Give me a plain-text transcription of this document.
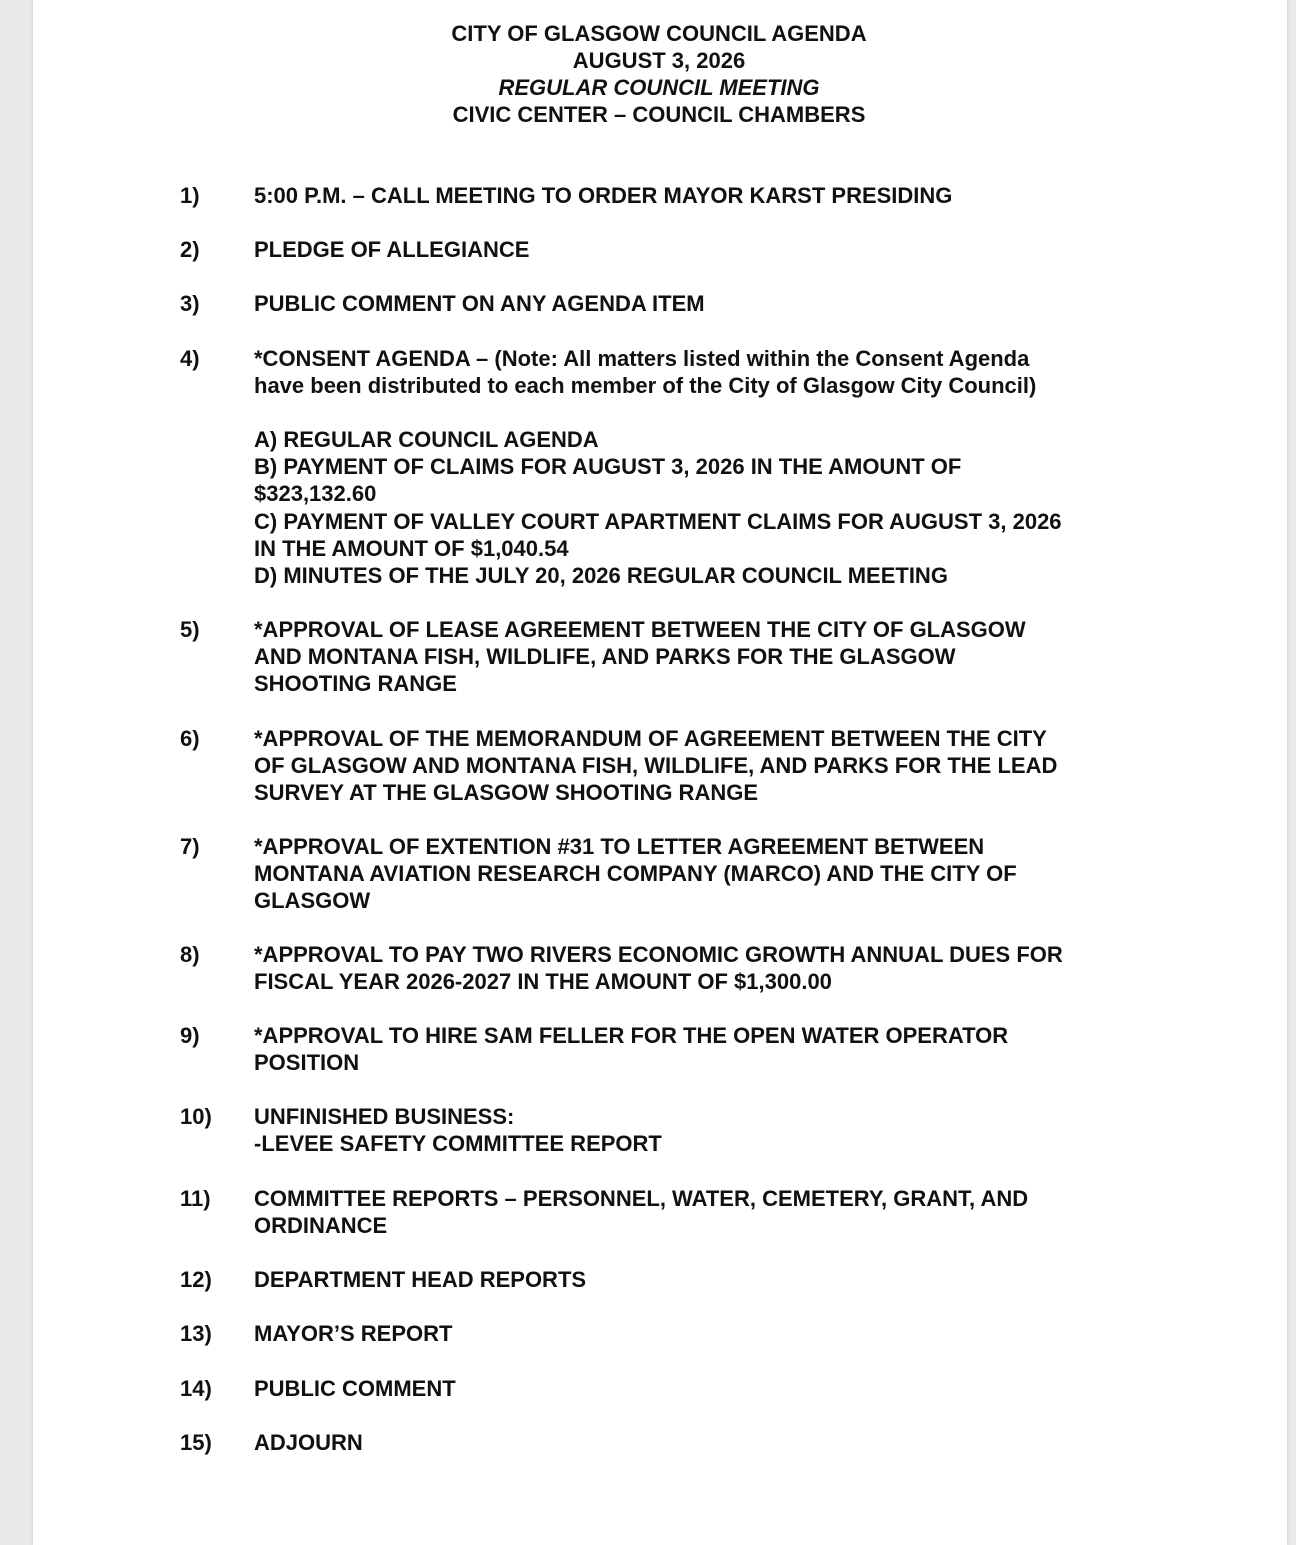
CITY OF GLASGOW COUNCIL AGENDA
AUGUST 3, 2026
REGULAR COUNCIL MEETING
CIVIC CENTER – COUNCIL CHAMBERS
1) 5:00 P.M. – CALL MEETING TO ORDER MAYOR KARST PRESIDING
2) PLEDGE OF ALLEGIANCE
3) PUBLIC COMMENT ON ANY AGENDA ITEM
4) *CONSENT AGENDA – (Note: All matters listed within the Consent Agenda
have been distributed to each member of the City of Glasgow City Council)
A) REGULAR COUNCIL AGENDA
B) PAYMENT OF CLAIMS FOR AUGUST 3, 2026 IN THE AMOUNT OF
$323,132.60
C) PAYMENT OF VALLEY COURT APARTMENT CLAIMS FOR AUGUST 3, 2026
IN THE AMOUNT OF $1,040.54
D) MINUTES OF THE JULY 20, 2026 REGULAR COUNCIL MEETING
5) *APPROVAL OF LEASE AGREEMENT BETWEEN THE CITY OF GLASGOW
AND MONTANA FISH, WILDLIFE, AND PARKS FOR THE GLASGOW
SHOOTING RANGE
6) *APPROVAL OF THE MEMORANDUM OF AGREEMENT BETWEEN THE CITY
OF GLASGOW AND MONTANA FISH, WILDLIFE, AND PARKS FOR THE LEAD
SURVEY AT THE GLASGOW SHOOTING RANGE
7) *APPROVAL OF EXTENTION #31 TO LETTER AGREEMENT BETWEEN
MONTANA AVIATION RESEARCH COMPANY (MARCO) AND THE CITY OF
GLASGOW
8) *APPROVAL TO PAY TWO RIVERS ECONOMIC GROWTH ANNUAL DUES FOR
FISCAL YEAR 2026-2027 IN THE AMOUNT OF $1,300.00
9) *APPROVAL TO HIRE SAM FELLER FOR THE OPEN WATER OPERATOR
POSITION
10) UNFINISHED BUSINESS:
-LEVEE SAFETY COMMITTEE REPORT
11) COMMITTEE REPORTS – PERSONNEL, WATER, CEMETERY, GRANT, AND
ORDINANCE
12) DEPARTMENT HEAD REPORTS
13) MAYOR’S REPORT
14) PUBLIC COMMENT
15) ADJOURN
